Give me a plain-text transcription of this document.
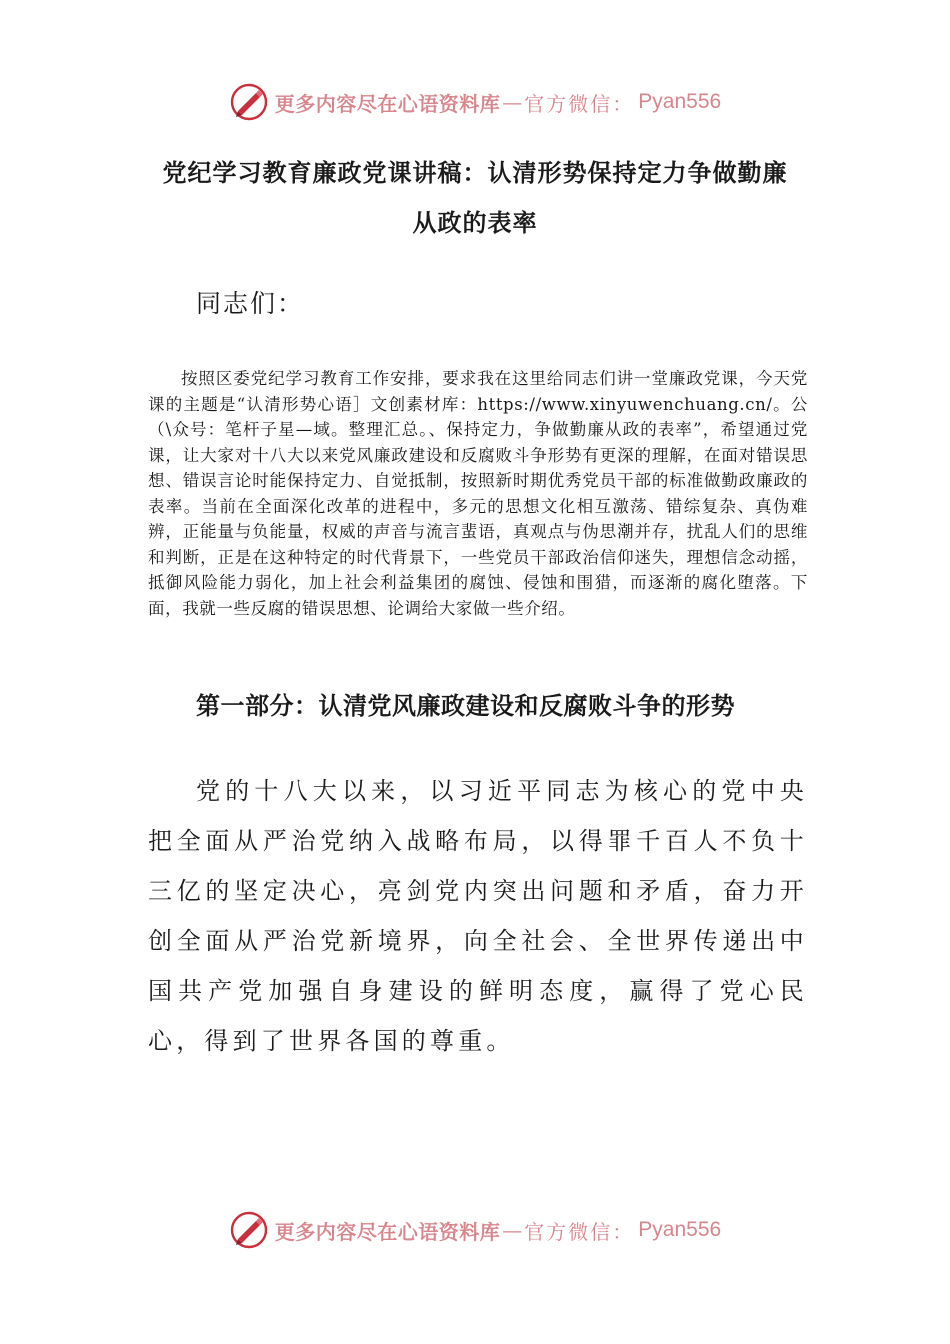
更多内容尽在心语资料库 — 官方微信： Pyan556
党纪学习教育廉政党课讲稿：认清形势保持定力争做勤廉
从政的表率
同志们：

按照区委党纪学习教育工作安排，要求我在这里给同志们讲一堂廉政党课，今天党课的主题是“认清形势心语］文创素材库：https://www.xinyuwenchuang.cn/。公（\众号：笔杆子星—域。整理汇总。、保持定力，争做勤廉从政的表率”，希望通过党课，让大家对十八大以来党风廉政建设和反腐败斗争形势有更深的理解，在面对错误思想、错误言论时能保持定力、自觉抵制，按照新时期优秀党员干部的标准做勤政廉政的表率。当前在全面深化改革的进程中，多元的思想文化相互激荡、错综复杂、真伪难辨，正能量与负能量，权威的声音与流言蜚语，真观点与伪思潮并存，扰乱人们的思维和判断，正是在这种特定的时代背景下，一些党员干部政治信仰迷失，理想信念动摇，抵御风险能力弱化，加上社会利益集团的腐蚀、侵蚀和围猎，而逐渐的腐化堕落。下面，我就一些反腐的错误思想、论调给大家做一些介绍。

第一部分：认清党风廉政建设和反腐败斗争的形势

党的十八大以来，以习近平同志为核心的党中央把全面从严治党纳入战略布局，以得罪千百人不负十三亿的坚定决心，亮剑党内突出问题和矛盾，奋力开创全面从严治党新境界，向全社会、全世界传递出中国共产党加强自身建设的鲜明态度，赢得了党心民心，得到了世界各国的尊重。

更多内容尽在心语资料库 — 官方微信： Pyan556
